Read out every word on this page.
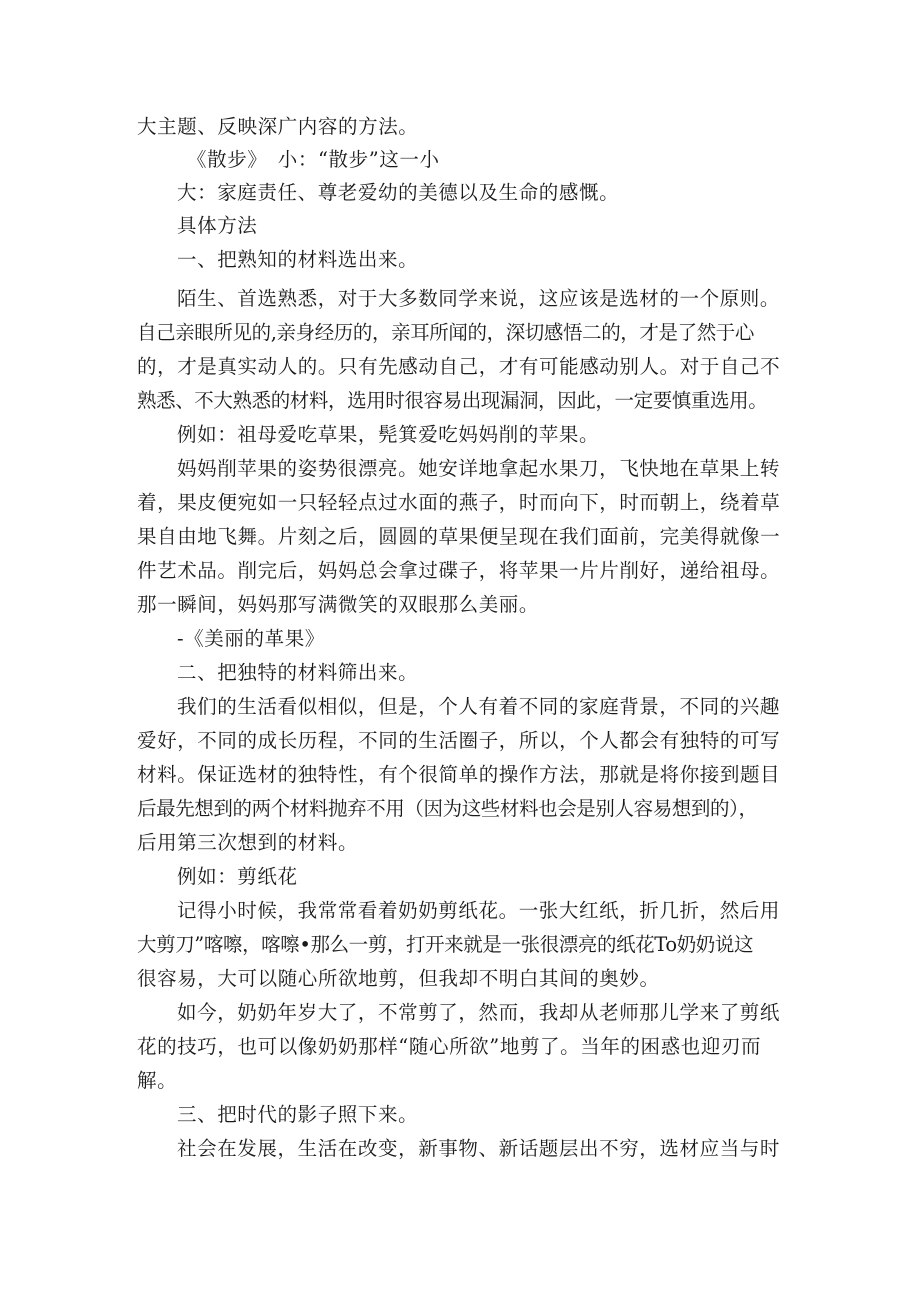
大主题、反映深广内容的方法。
《散步》　小：“散步”这一小
大：家庭责任、尊老爱幼的美德以及生命的感慨。
具体方法
一、把熟知的材料选出来。
陌生、首选熟悉，对于大多数同学来说，这应该是选材的一个原则。
自己亲眼所见的,亲身经历的，亲耳所闻的，深切感悟二的，才是了然于心
的，才是真实动人的。只有先感动自己，才有可能感动别人。对于自己不
熟悉、不大熟悉的材料，选用时很容易出现漏洞，因此，一定要慎重选用。
例如：祖母爱吃草果，髡箕爱吃妈妈削的苹果。
妈妈削苹果的姿势很漂亮。她安详地拿起水果刀，飞快地在草果上转
着，果皮便宛如一只轻轻点过水面的燕子，时而向下，时而朝上，绕着草
果自由地飞舞。片刻之后，圆圆的草果便呈现在我们面前，完美得就像一
件艺术品。削完后，妈妈总会拿过碟子，将苹果一片片削好，递给祖母。
那一瞬间，妈妈那写满微笑的双眼那么美丽。
-《美丽的革果》
二、把独特的材料筛出来。
我们的生活看似相似，但是，个人有着不同的家庭背景，不同的兴趣
爱好，不同的成长历程，不同的生活圈子，所以，个人都会有独特的可写
材料。保证选材的独特性，有个很简单的操作方法，那就是将你接到题目
后最先想到的两个材料抛弃不用（因为这些材料也会是别人容易想到的），
后用第三次想到的材料。
例如：剪纸花
记得小时候，我常常看着奶奶剪纸花。一张大红纸，折几折，然后用
大剪刀”喀嚓，喀嚓•那么一剪，打开来就是一张很漂亮的纸花To奶奶说这
很容易，大可以随心所欲地剪，但我却不明白其间的奥妙。
如今，奶奶年岁大了，不常剪了，然而，我却从老师那儿学来了剪纸
花的技巧，也可以像奶奶那样“随心所欲”地剪了。当年的困惑也迎刃而
解。
三、把时代的影子照下来。
社会在发展，生活在改变，新事物、新话题层出不穷，选材应当与时
